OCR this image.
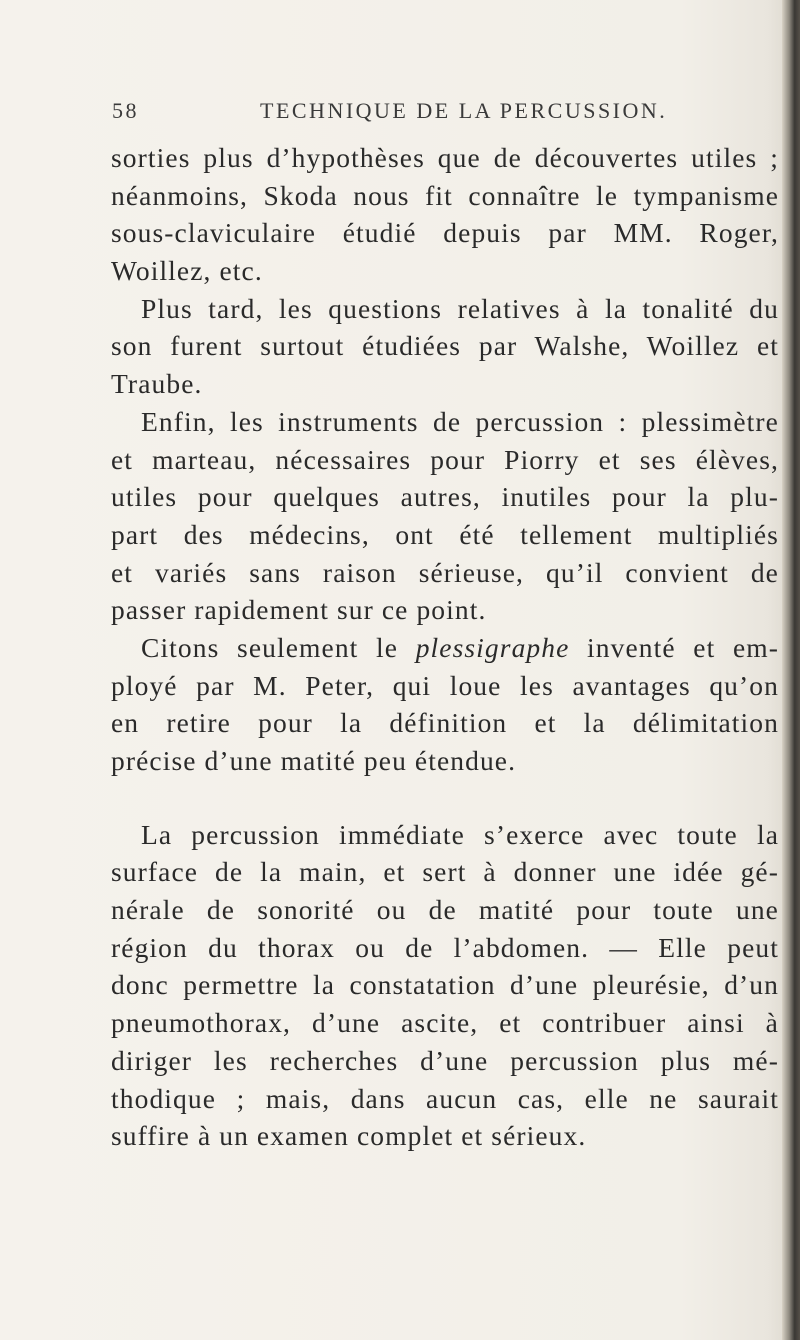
58	TECHNIQUE DE LA PERCUSSION.
sorties plus d’hypothèses que de découvertes utiles ;
néanmoins, Skoda nous fit connaître le tympanisme
sous-claviculaire étudié depuis par MM. Roger,
Woillez, etc.
Plus tard, les questions relatives à la tonalité du
son furent surtout étudiées par Walshe, Woillez et
Traube.
Enfin, les instruments de percussion : plessimètre
et marteau, nécessaires pour Piorry et ses élèves,
utiles pour quelques autres, inutiles pour la plu-
part des médecins, ont été tellement multipliés
et variés sans raison sérieuse, qu’il convient de
passer rapidement sur ce point.
Citons seulement le plessigraphe inventé et em-
ployé par M. Peter, qui loue les avantages qu’on
en retire pour la définition et la délimitation
précise d’une matité peu étendue.
La percussion immédiate s’exerce avec toute la
surface de la main, et sert à donner une idée gé-
nérale de sonorité ou de matité pour toute une
région du thorax ou de l’abdomen. — Elle peut
donc permettre la constatation d’une pleurésie, d’un
pneumothorax, d’une ascite, et contribuer ainsi à
diriger les recherches d’une percussion plus mé-
thodique ; mais, dans aucun cas, elle ne saurait
suffire à un examen complet et sérieux.
